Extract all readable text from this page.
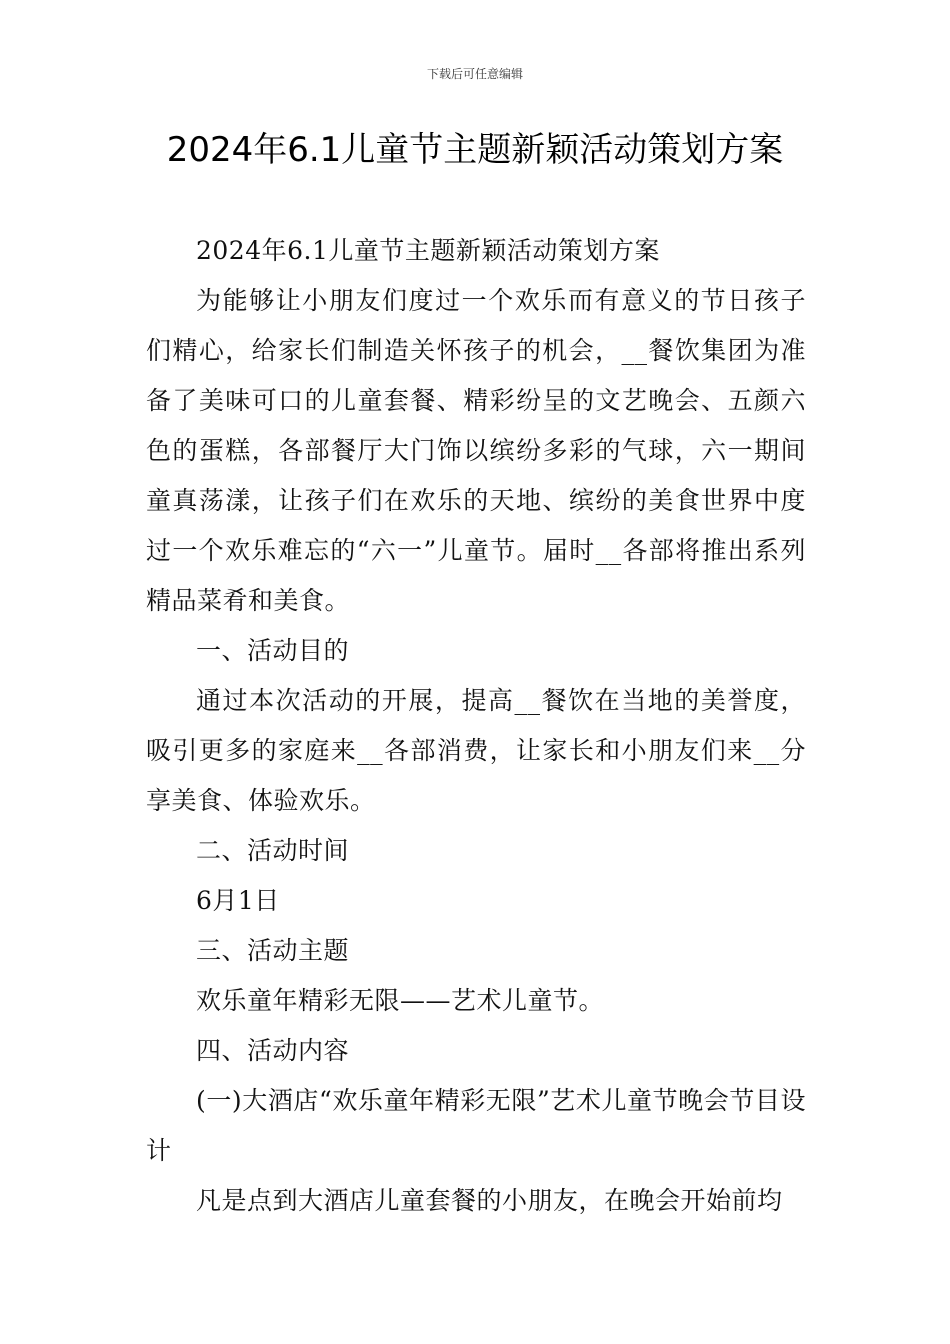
下载后可任意编辑
2024年6.1儿童节主题新颖活动策划方案

2024年6.1儿童节主题新颖活动策划方案

为能够让小朋友们度过一个欢乐而有意义的节日孩子们精心，给家长们制造关怀孩子的机会，__餐饮集团为准备了美味可口的儿童套餐、精彩纷呈的文艺晚会、五颜六色的蛋糕，各部餐厅大门饰以缤纷多彩的气球，六一期间童真荡漾，让孩子们在欢乐的天地、缤纷的美食世界中度过一个欢乐难忘的“六一”儿童节。届时__各部将推出系列精品菜肴和美食。

一、活动目的

通过本次活动的开展，提高__餐饮在当地的美誉度，吸引更多的家庭来__各部消费，让家长和小朋友们来__分享美食、体验欢乐。

二、活动时间

6月1日

三、活动主题

欢乐童年精彩无限——艺术儿童节。

四、活动内容

(一)大酒店“欢乐童年精彩无限”艺术儿童节晚会节目设计

凡是点到大酒店儿童套餐的小朋友，在晚会开始前均
